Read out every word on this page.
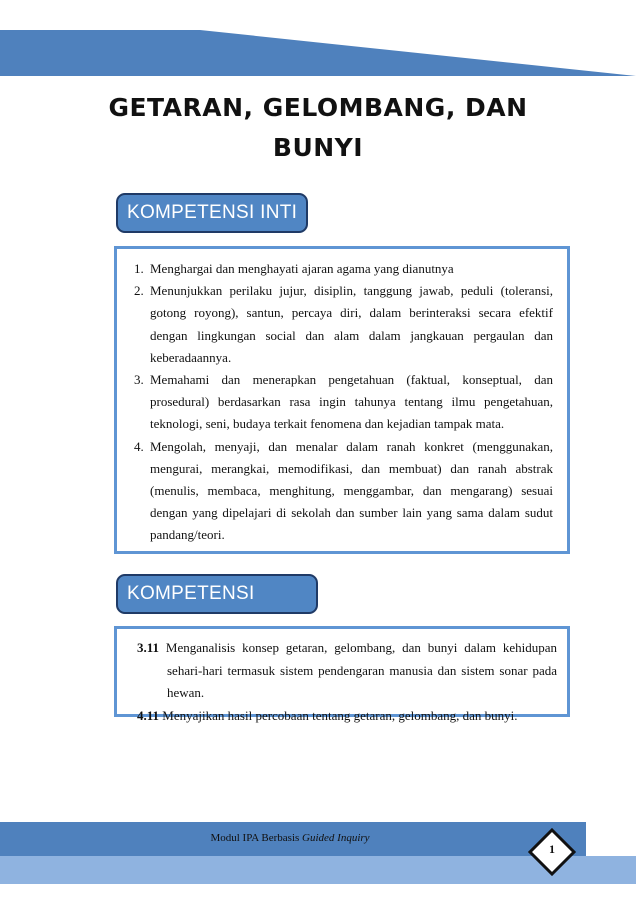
GETARAN, GELOMBANG, DAN
BUNYI
KOMPETENSI INTI
1. Menghargai dan menghayati ajaran agama yang dianutnya
2. Menunjukkan perilaku jujur, disiplin, tanggung jawab, peduli (toleransi, gotong royong), santun, percaya diri, dalam berinteraksi secara efektif dengan lingkungan social dan alam dalam jangkauan pergaulan dan keberadaannya.
3. Memahami dan menerapkan pengetahuan (faktual, konseptual, dan prosedural) berdasarkan rasa ingin tahunya tentang ilmu pengetahuan, teknologi, seni, budaya terkait fenomena dan kejadian tampak mata.
4. Mengolah, menyaji, dan menalar dalam ranah konkret (menggunakan, mengurai, merangkai, memodifikasi, dan membuat) dan ranah abstrak (menulis, membaca, menghitung, menggambar, dan mengarang) sesuai dengan yang dipelajari di sekolah dan sumber lain yang sama dalam sudut pandang/teori.
KOMPETENSI
3.11 Menganalisis konsep getaran, gelombang, dan bunyi dalam kehidupan sehari-hari termasuk sistem pendengaran manusia dan sistem sonar pada hewan.
4.11 Menyajikan hasil percobaan tentang getaran, gelombang, dan bunyi.
Modul IPA Berbasis Guided Inquiry
1
